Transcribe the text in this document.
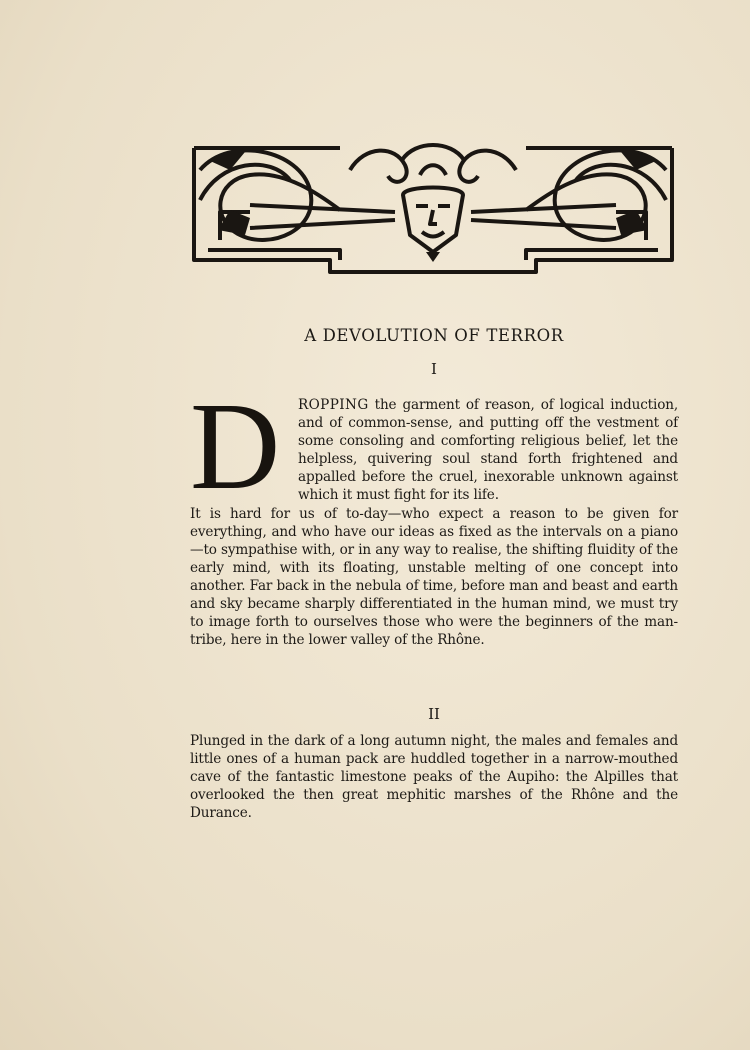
A DEVOLUTION OF TERROR

I

D	ROPPING the garment of reason, of logical induction, and of common-sense, and putting off the vestment of some consoling and comforting religious belief, let the helpless, quivering soul stand forth frightened and appalled before the cruel, inexorable unknown against which it must fight for its life.
It is hard for us of to-day—who expect a reason to be given for everything, and who have our ideas as fixed as the intervals on a piano—to sympathise with, or in any way to realise, the shifting fluidity of the early mind, with its floating, unstable melting of one concept into another. Far back in the nebula of time, before man and beast and earth and sky became sharply differentiated in the human mind, we must try to image forth to ourselves those who were the beginners of the man-tribe, here in the lower valley of the Rhône.

II

Plunged in the dark of a long autumn night, the males and females and little ones of a human pack are huddled together in a narrow-mouthed cave of the fantastic limestone peaks of the Aupiho: the Alpilles that overlooked the then great mephitic marshes of the Rhône and the Durance.
